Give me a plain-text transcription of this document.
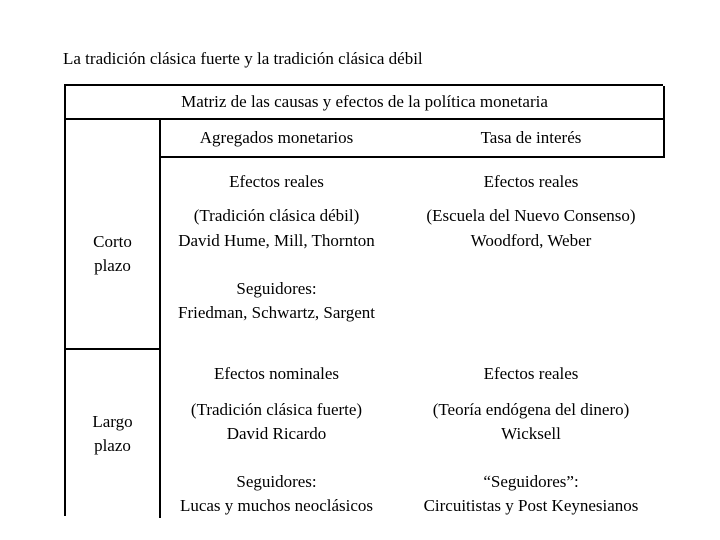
La tradición clásica fuerte y la tradición clásica débil
Matriz de las causas y efectos de la política monetaria
Agregados monetarios	Tasa de interés
Corto
plazo
Efectos reales
(Tradición clásica débil)
David Hume, Mill, Thornton
Seguidores:
Friedman, Schwartz, Sargent
Efectos reales
(Escuela del Nuevo Consenso)
Woodford, Weber
Largo
plazo
Efectos nominales
(Tradición clásica fuerte)
David Ricardo
Seguidores:
Lucas y muchos neoclásicos
Efectos reales
(Teoría endógena del dinero)
Wicksell
“Seguidores”:
Circuitistas y Post Keynesianos
